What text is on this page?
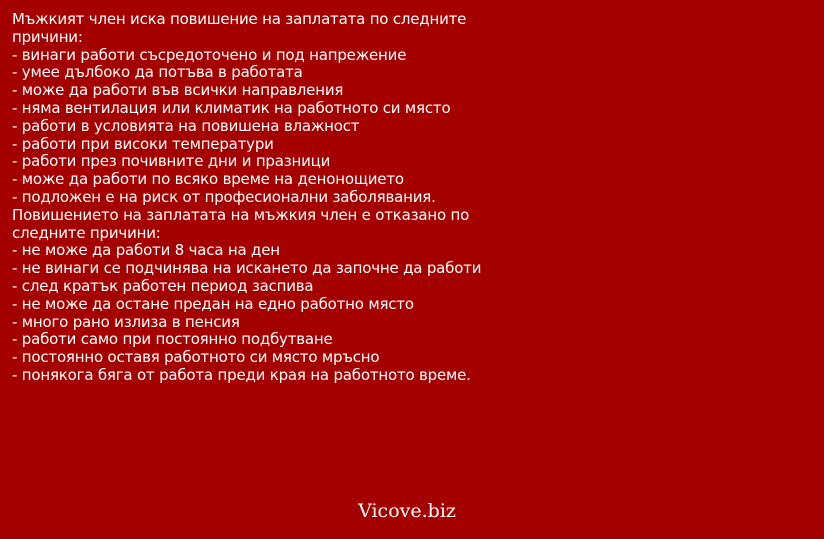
Мъжкият член иска повишение на заплатата по следните
причини:
- винаги работи съсредоточено и под напрежение
- умее дълбоко да потъва в работата
- може да работи във всички направления
- няма вентилация или климатик на работното си място
- работи в условията на повишена влажност
- работи при високи температури
- работи през почивните дни и празници
- може да работи по всяко време на денонощието
- подложен е на риск от професионални заболявания.
Повишението на заплатата на мъжкия член е отказано по
следните причини:
- не може да работи 8 часа на ден
- не винаги се подчинява на искането да започне да работи
- след кратък работен период заспива
- не може да остане предан на едно работно място
- много рано излиза в пенсия
- работи само при постоянно подбутване
- постоянно оставя работното си място мръсно
- понякога бяга от работа преди края на работното време.
Vicove.biz
